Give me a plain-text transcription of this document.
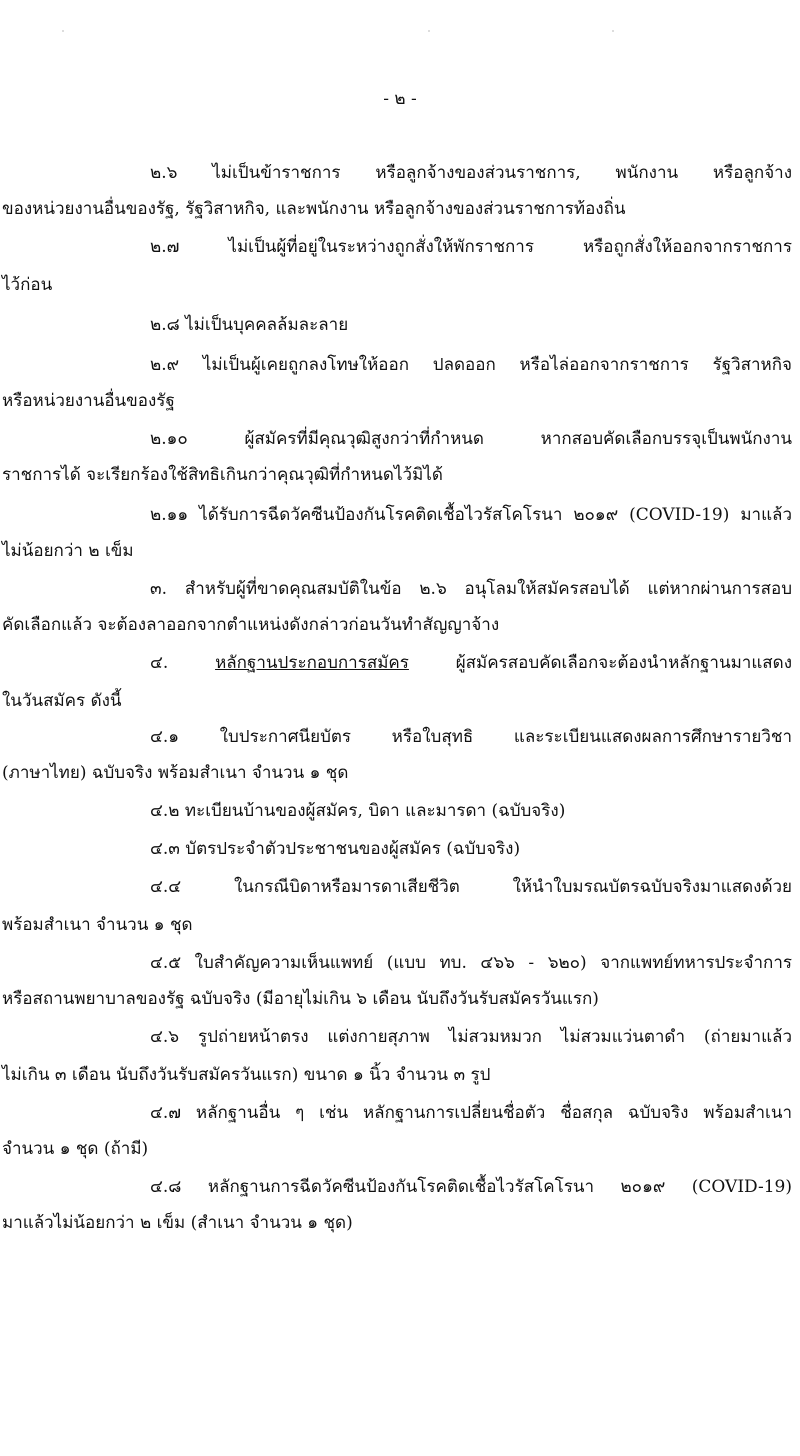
- ๒ -
๒.๖ ไม่เป็นข้าราชการ หรือลูกจ้างของส่วนราชการ, พนักงาน หรือลูกจ้าง
ของหน่วยงานอื่นของรัฐ, รัฐวิสาหกิจ, และพนักงาน หรือลูกจ้างของส่วนราชการท้องถิ่น
๒.๗ ไม่เป็นผู้ที่อยู่ในระหว่างถูกสั่งให้พักราชการ หรือถูกสั่งให้ออกจากราชการ
ไว้ก่อน
๒.๘ ไม่เป็นบุคคลล้มละลาย
๒.๙ ไม่เป็นผู้เคยถูกลงโทษให้ออก ปลดออก หรือไล่ออกจากราชการ รัฐวิสาหกิจ
หรือหน่วยงานอื่นของรัฐ
๒.๑๐ ผู้สมัครที่มีคุณวุฒิสูงกว่าที่กำหนด หากสอบคัดเลือกบรรจุเป็นพนักงาน
ราชการได้ จะเรียกร้องใช้สิทธิเกินกว่าคุณวุฒิที่กำหนดไว้มิได้
๒.๑๑ ได้รับการฉีดวัคซีนป้องกันโรคติดเชื้อไวรัสโคโรนา ๒๐๑๙ (COVID-19) มาแล้ว
ไม่น้อยกว่า ๒ เข็ม
๓. สำหรับผู้ที่ขาดคุณสมบัติในข้อ ๒.๖ อนุโลมให้สมัครสอบได้ แต่หากผ่านการสอบ
คัดเลือกแล้ว จะต้องลาออกจากตำแหน่งดังกล่าวก่อนวันทำสัญญาจ้าง
๔. หลักฐานประกอบการสมัคร ผู้สมัครสอบคัดเลือกจะต้องนำหลักฐานมาแสดง
ในวันสมัคร ดังนี้
๔.๑ ใบประกาศนียบัตร หรือใบสุทธิ และระเบียนแสดงผลการศึกษารายวิชา
(ภาษาไทย) ฉบับจริง พร้อมสำเนา จำนวน ๑ ชุด
๔.๒ ทะเบียนบ้านของผู้สมัคร, บิดา และมารดา (ฉบับจริง)
๔.๓ บัตรประจำตัวประชาชนของผู้สมัคร (ฉบับจริง)
๔.๔ ในกรณีบิดาหรือมารดาเสียชีวิต ให้นำใบมรณบัตรฉบับจริงมาแสดงด้วย
พร้อมสำเนา จำนวน ๑ ชุด
๔.๕ ใบสำคัญความเห็นแพทย์ (แบบ ทบ. ๔๖๖ - ๖๒๐) จากแพทย์ทหารประจำการ
หรือสถานพยาบาลของรัฐ ฉบับจริง (มีอายุไม่เกิน ๖ เดือน นับถึงวันรับสมัครวันแรก)
๔.๖ รูปถ่ายหน้าตรง แต่งกายสุภาพ ไม่สวมหมวก ไม่สวมแว่นตาดำ (ถ่ายมาแล้ว
ไม่เกิน ๓ เดือน นับถึงวันรับสมัครวันแรก) ขนาด ๑ นิ้ว จำนวน ๓ รูป
๔.๗ หลักฐานอื่น ๆ เช่น หลักฐานการเปลี่ยนชื่อตัว ชื่อสกุล ฉบับจริง พร้อมสำเนา
จำนวน ๑ ชุด (ถ้ามี)
๔.๘ หลักฐานการฉีดวัคซีนป้องกันโรคติดเชื้อไวรัสโคโรนา ๒๐๑๙ (COVID-19)
มาแล้วไม่น้อยกว่า ๒ เข็ม (สำเนา จำนวน ๑ ชุด)
